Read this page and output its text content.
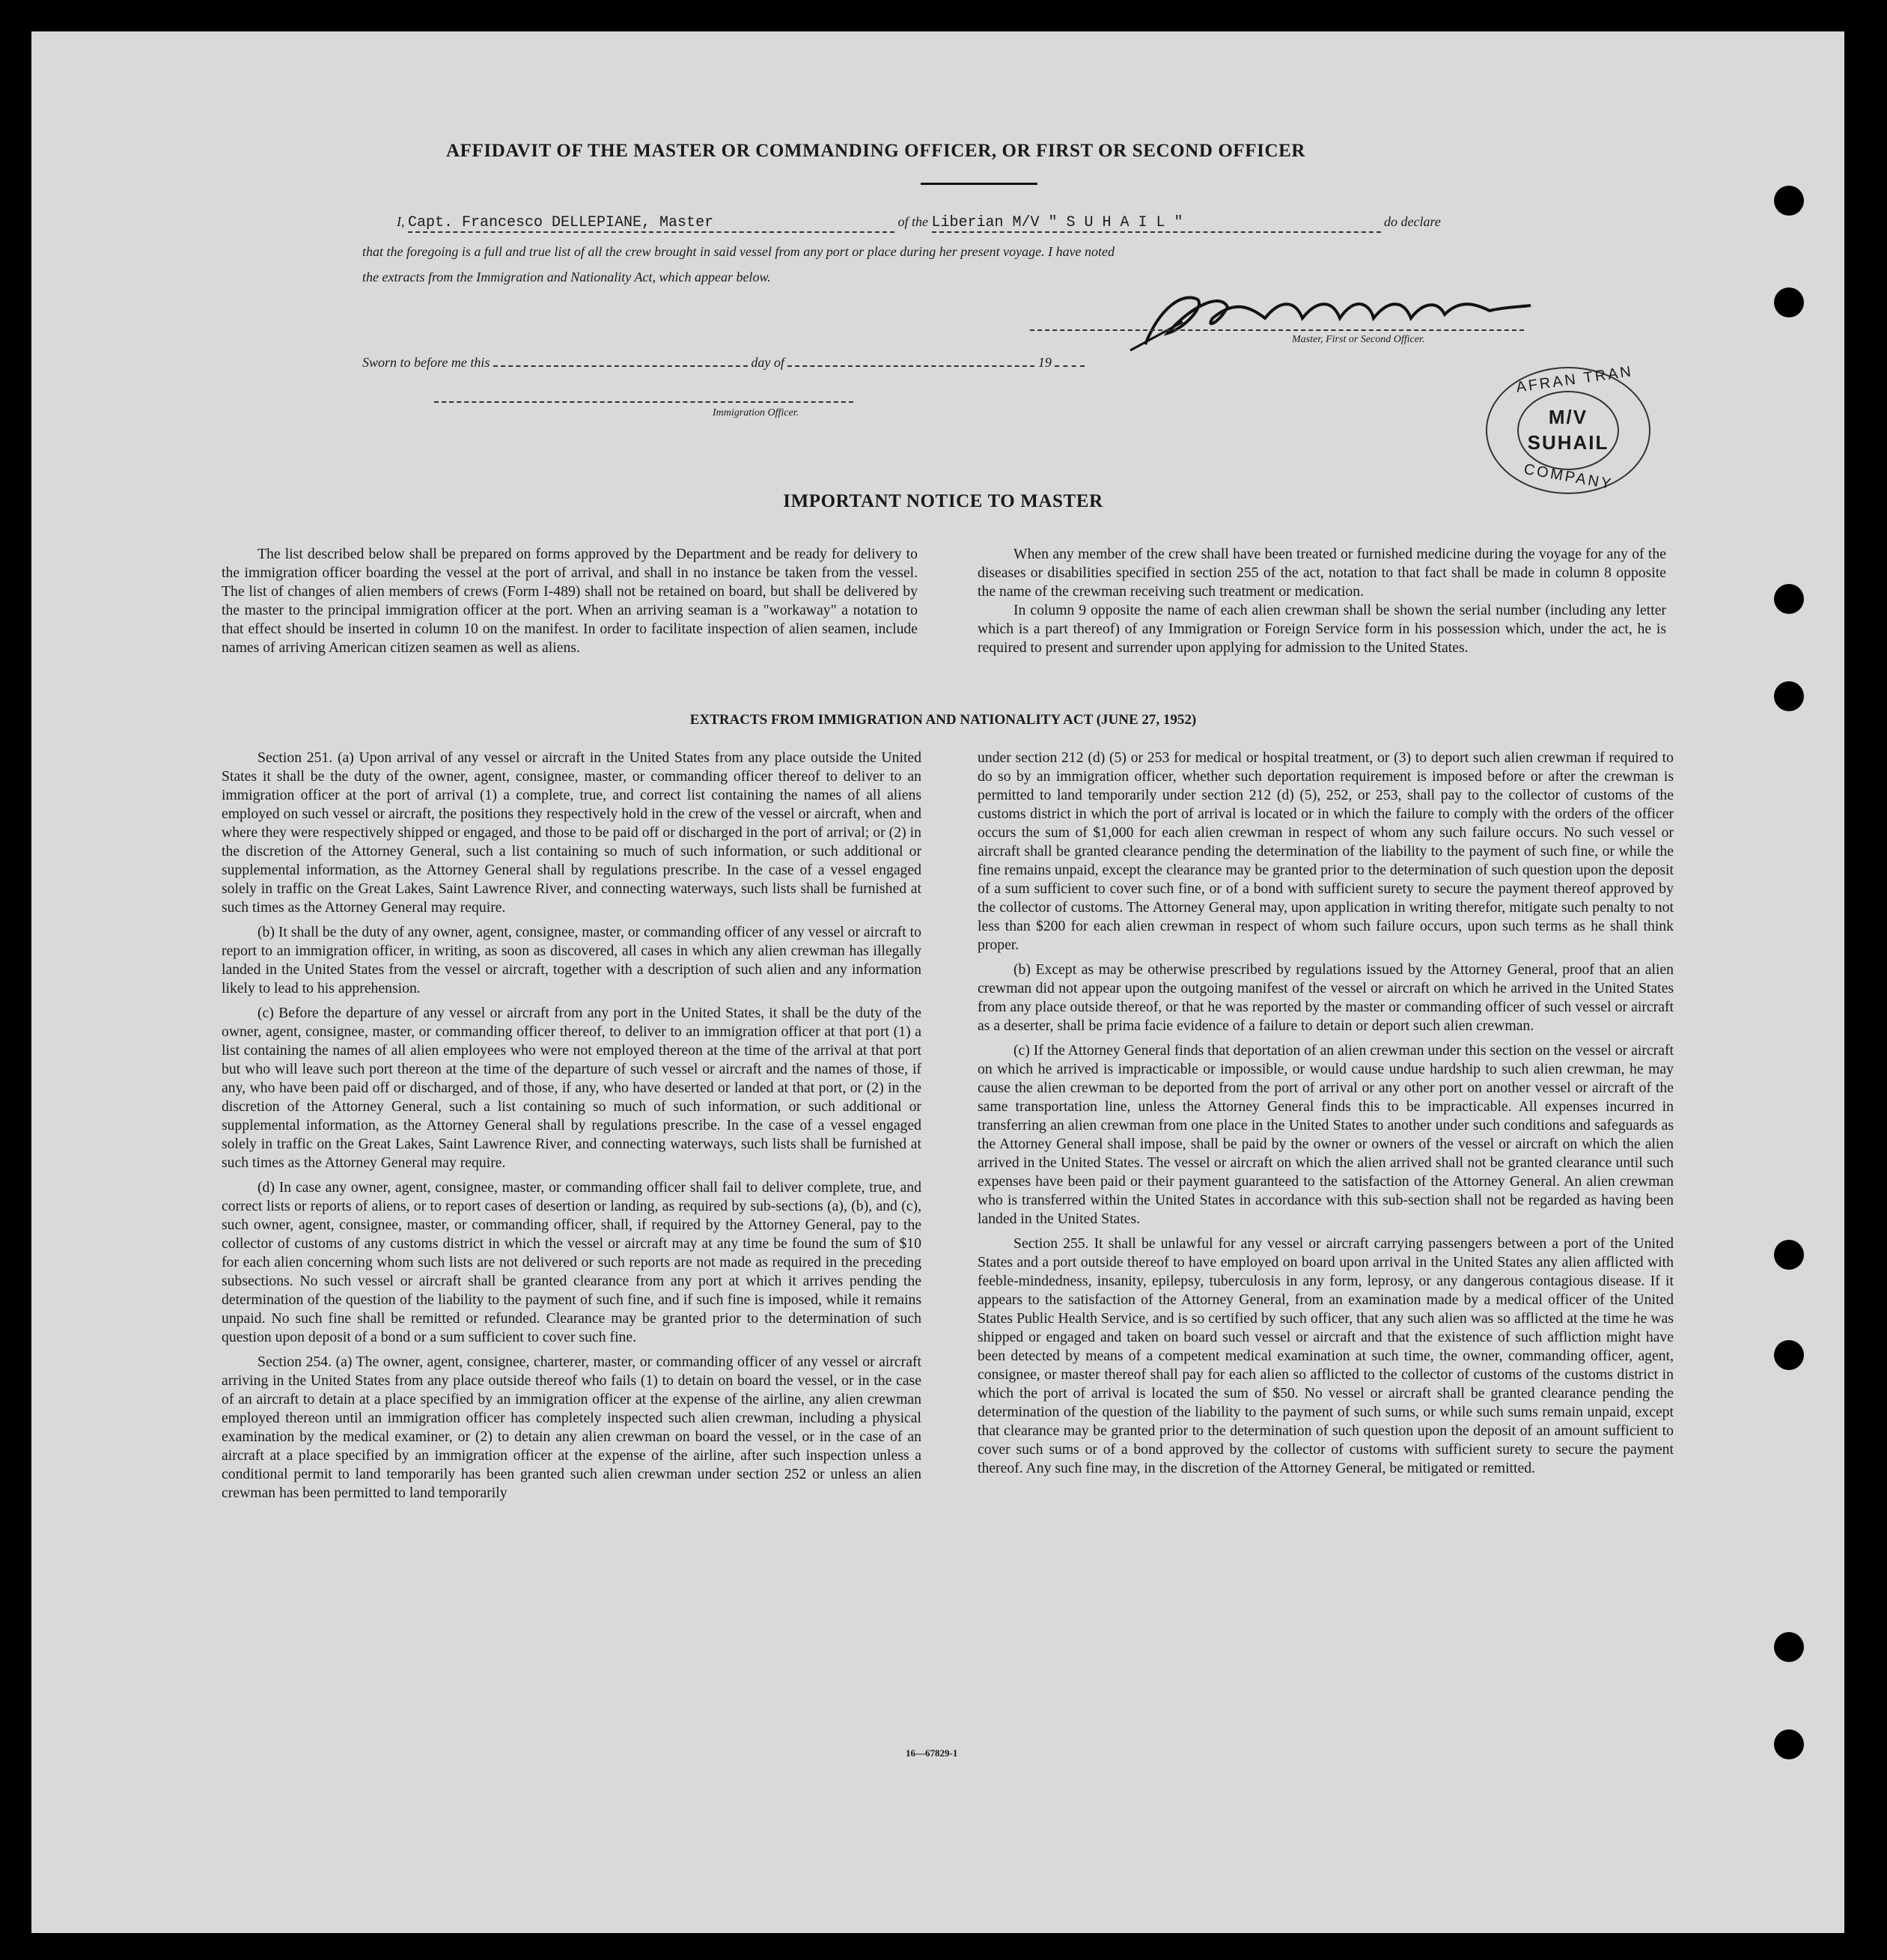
AFFIDAVIT OF THE MASTER OR COMMANDING OFFICER, OR FIRST OR SECOND OFFICER
I, Capt. Francesco DELLEPIANE, Master	of the Liberian M/V " S U H A I L "	do declare
that the foregoing is a full and true list of all the crew brought in said vessel from any port or place during her present voyage. I have noted
the extracts from the Immigration and Nationality Act, which appear below.
Master, First or Second Officer.
Sworn to before me this	day of	19
Immigration Officer.
AFRAN TRAN
M/V
SUHAIL
COMPANY
IMPORTANT NOTICE TO MASTER

The list described below shall be prepared on forms approved by the Department and be ready for delivery to the immigration officer boarding the vessel at the port of arrival, and shall in no instance be taken from the vessel. The list of changes of alien members of crews (Form I-489) shall not be retained on board, but shall be delivered by the master to the principal immigration officer at the port. When an arriving seaman is a "workaway" a notation to that effect should be inserted in column 10 on the manifest. In order to facilitate inspection of alien seamen, include names of arriving American citizen seamen as well as aliens.

When any member of the crew shall have been treated or furnished medicine during the voyage for any of the diseases or disabilities specified in section 255 of the act, notation to that fact shall be made in column 8 opposite the name of the crewman receiving such treatment or medication.

In column 9 opposite the name of each alien crewman shall be shown the serial number (including any letter which is a part thereof) of any Immigration or Foreign Service form in his possession which, under the act, he is required to present and surrender upon applying for admission to the United States.

EXTRACTS FROM IMMIGRATION AND NATIONALITY ACT (JUNE 27, 1952)

Section 251. (a) Upon arrival of any vessel or aircraft in the United States from any place outside the United States it shall be the duty of the owner, agent, consignee, master, or commanding officer thereof to deliver to an immigration officer at the port of arrival (1) a complete, true, and correct list containing the names of all aliens employed on such vessel or aircraft, the positions they respectively hold in the crew of the vessel or aircraft, when and where they were respectively shipped or engaged, and those to be paid off or discharged in the port of arrival; or (2) in the discretion of the Attorney General, such a list containing so much of such information, or such additional or supplemental information, as the Attorney General shall by regulations prescribe. In the case of a vessel engaged solely in traffic on the Great Lakes, Saint Lawrence River, and connecting waterways, such lists shall be furnished at such times as the Attorney General may require.

(b) It shall be the duty of any owner, agent, consignee, master, or commanding officer of any vessel or aircraft to report to an immigration officer, in writing, as soon as discovered, all cases in which any alien crewman has illegally landed in the United States from the vessel or aircraft, together with a description of such alien and any information likely to lead to his apprehension.

(c) Before the departure of any vessel or aircraft from any port in the United States, it shall be the duty of the owner, agent, consignee, master, or commanding officer thereof, to deliver to an immigration officer at that port (1) a list containing the names of all alien employees who were not employed thereon at the time of the arrival at that port but who will leave such port thereon at the time of the departure of such vessel or aircraft and the names of those, if any, who have been paid off or discharged, and of those, if any, who have deserted or landed at that port, or (2) in the discretion of the Attorney General, such a list containing so much of such information, or such additional or supplemental information, as the Attorney General shall by regulations prescribe. In the case of a vessel engaged solely in traffic on the Great Lakes, Saint Lawrence River, and connecting waterways, such lists shall be furnished at such times as the Attorney General may require.

(d) In case any owner, agent, consignee, master, or commanding officer shall fail to deliver complete, true, and correct lists or reports of aliens, or to report cases of desertion or landing, as required by sub-sections (a), (b), and (c), such owner, agent, consignee, master, or commanding officer, shall, if required by the Attorney General, pay to the collector of customs of any customs district in which the vessel or aircraft may at any time be found the sum of $10 for each alien concerning whom such lists are not delivered or such reports are not made as required in the preceding subsections. No such vessel or aircraft shall be granted clearance from any port at which it arrives pending the determination of the question of the liability to the payment of such fine, and if such fine is imposed, while it remains unpaid. No such fine shall be remitted or refunded. Clearance may be granted prior to the determination of such question upon deposit of a bond or a sum sufficient to cover such fine.

Section 254. (a) The owner, agent, consignee, charterer, master, or commanding officer of any vessel or aircraft arriving in the United States from any place outside thereof who fails (1) to detain on board the vessel, or in the case of an aircraft to detain at a place specified by an immigration officer at the expense of the airline, any alien crewman employed thereon until an immigration officer has completely inspected such alien crewman, including a physical examination by the medical examiner, or (2) to detain any alien crewman on board the vessel, or in the case of an aircraft at a place specified by an immigration officer at the expense of the airline, after such inspection unless a conditional permit to land temporarily has been granted such alien crewman under section 252 or unless an alien crewman has been permitted to land temporarily

under section 212 (d) (5) or 253 for medical or hospital treatment, or (3) to deport such alien crewman if required to do so by an immigration officer, whether such deportation requirement is imposed before or after the crewman is permitted to land temporarily under section 212 (d) (5), 252, or 253, shall pay to the collector of customs of the customs district in which the port of arrival is located or in which the failure to comply with the orders of the officer occurs the sum of $1,000 for each alien crewman in respect of whom any such failure occurs. No such vessel or aircraft shall be granted clearance pending the determination of the liability to the payment of such fine, or while the fine remains unpaid, except the clearance may be granted prior to the determination of such question upon the deposit of a sum sufficient to cover such fine, or of a bond with sufficient surety to secure the payment thereof approved by the collector of customs. The Attorney General may, upon application in writing therefor, mitigate such penalty to not less than $200 for each alien crewman in respect of whom such failure occurs, upon such terms as he shall think proper.

(b) Except as may be otherwise prescribed by regulations issued by the Attorney General, proof that an alien crewman did not appear upon the outgoing manifest of the vessel or aircraft on which he arrived in the United States from any place outside thereof, or that he was reported by the master or commanding officer of such vessel or aircraft as a deserter, shall be prima facie evidence of a failure to detain or deport such alien crewman.

(c) If the Attorney General finds that deportation of an alien crewman under this section on the vessel or aircraft on which he arrived is impracticable or impossible, or would cause undue hardship to such alien crewman, he may cause the alien crewman to be deported from the port of arrival or any other port on another vessel or aircraft of the same transportation line, unless the Attorney General finds this to be impracticable. All expenses incurred in transferring an alien crewman from one place in the United States to another under such conditions and safeguards as the Attorney General shall impose, shall be paid by the owner or owners of the vessel or aircraft on which the alien arrived in the United States. The vessel or aircraft on which the alien arrived shall not be granted clearance until such expenses have been paid or their payment guaranteed to the satisfaction of the Attorney General. An alien crewman who is transferred within the United States in accordance with this sub-section shall not be regarded as having been landed in the United States.

Section 255. It shall be unlawful for any vessel or aircraft carrying passengers between a port of the United States and a port outside thereof to have employed on board upon arrival in the United States any alien afflicted with feeble-mindedness, insanity, epilepsy, tuberculosis in any form, leprosy, or any dangerous contagious disease. If it appears to the satisfaction of the Attorney General, from an examination made by a medical officer of the United States Public Health Service, and is so certified by such officer, that any such alien was so afflicted at the time he was shipped or engaged and taken on board such vessel or aircraft and that the existence of such affliction might have been detected by means of a competent medical examination at such time, the owner, commanding officer, agent, consignee, or master thereof shall pay for each alien so afflicted to the collector of customs of the customs district in which the port of arrival is located the sum of $50. No vessel or aircraft shall be granted clearance pending the determination of the question of the liability to the payment of such sums, or while such sums remain unpaid, except that clearance may be granted prior to the determination of such question upon the deposit of an amount sufficient to cover such sums or of a bond approved by the collector of customs with sufficient surety to secure the payment thereof. Any such fine may, in the discretion of the Attorney General, be mitigated or remitted.

16—67829-1
